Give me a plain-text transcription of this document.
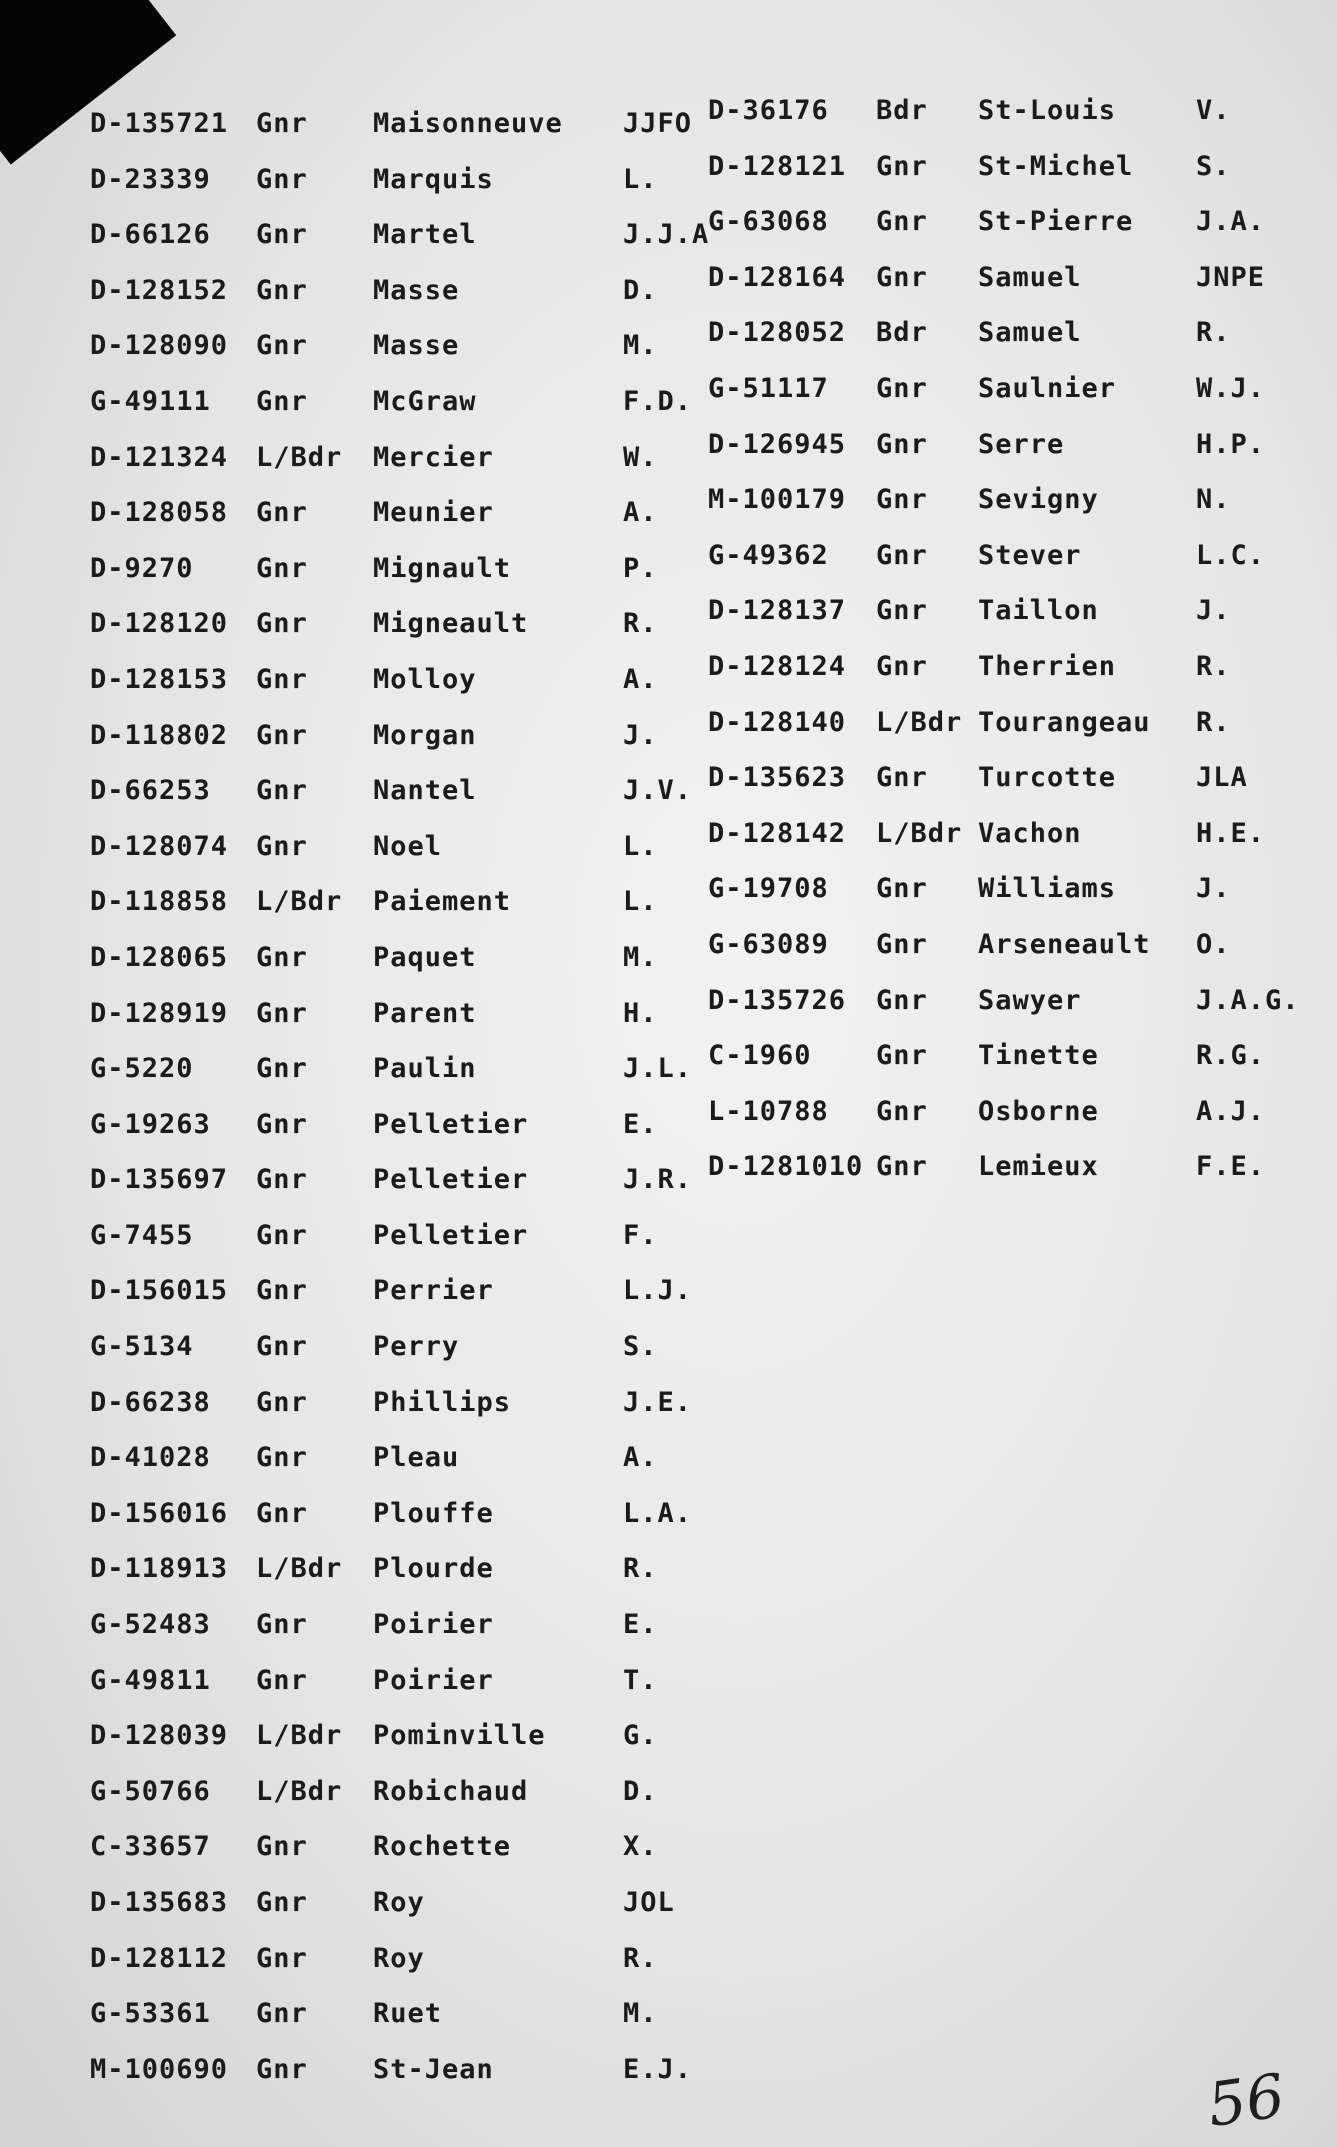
D-135721 Gnr Maisonneuve JJFO
D-23339 Gnr Marquis	L.
D-66126 Gnr Martel	J.J.A
D-128152 Gnr Masse	D.
D-128090 Gnr Masse	M.
G-49111 Gnr McGraw	F.D.
D-121324 L/Bdr Mercier	W.
D-128058 Gnr Meunier	A.
D-9270 Gnr Mignault	P.
D-128120 Gnr Migneault	R.
D-128153 Gnr Molloy	A.
D-118802 Gnr Morgan	J.
D-66253 Gnr Nantel	J.V.
D-128074 Gnr Noel	L.
D-118858 L/Bdr Paiement	L.
D-128065 Gnr Paquet	M.
D-128919 Gnr Parent	H.
G-5220 Gnr Paulin	J.L.
G-19263 Gnr Pelletier	E.
D-135697 Gnr Pelletier	J.R.
G-7455 Gnr Pelletier	F.
D-156015 Gnr Perrier	L.J.
G-5134 Gnr Perry	S.
D-66238 Gnr Phillips	J.E.
D-41028 Gnr Pleau	A.
D-156016 Gnr Plouffe	L.A.
D-118913 L/Bdr Plourde	R.
G-52483 Gnr Poirier	E.
G-49811 Gnr Poirier	T.
D-128039 L/Bdr Pominville	G.
G-50766 L/Bdr Robichaud	D.
C-33657 Gnr Rochette	X.
D-135683 Gnr Roy	JOL
D-128112 Gnr Roy	R.
G-53361 Gnr Ruet	M.
M-100690 Gnr St-Jean	E.J.
D-36176 Bdr St-Louis	V.
D-128121 Gnr St-Michel S.
G-63068 Gnr St-Pierre J.A.
D-128164 Gnr Samuel	JNPE
D-128052 Bdr Samuel	R.
G-51117 Gnr Saulnier	W.J.
D-126945 Gnr Serre	H.P.
M-100179 Gnr Sevigny	N.
G-49362 Gnr Stever	L.C.
D-128137 Gnr Taillon	J.
D-128124 Gnr Therrien	R.
D-128140 L/Bdr Tourangeau R.
D-135623 Gnr Turcotte	JLA
D-128142 L/Bdr Vachon	H.E.
G-19708 Gnr Williams	J.
G-63089 Gnr Arseneault O.
D-135726 Gnr Sawyer	J.A.G.
C-1960 Gnr Tinette	R.G.
L-10788 Gnr Osborne	A.J.
D-1281010 Gnr Lemieux	F.E.
56
